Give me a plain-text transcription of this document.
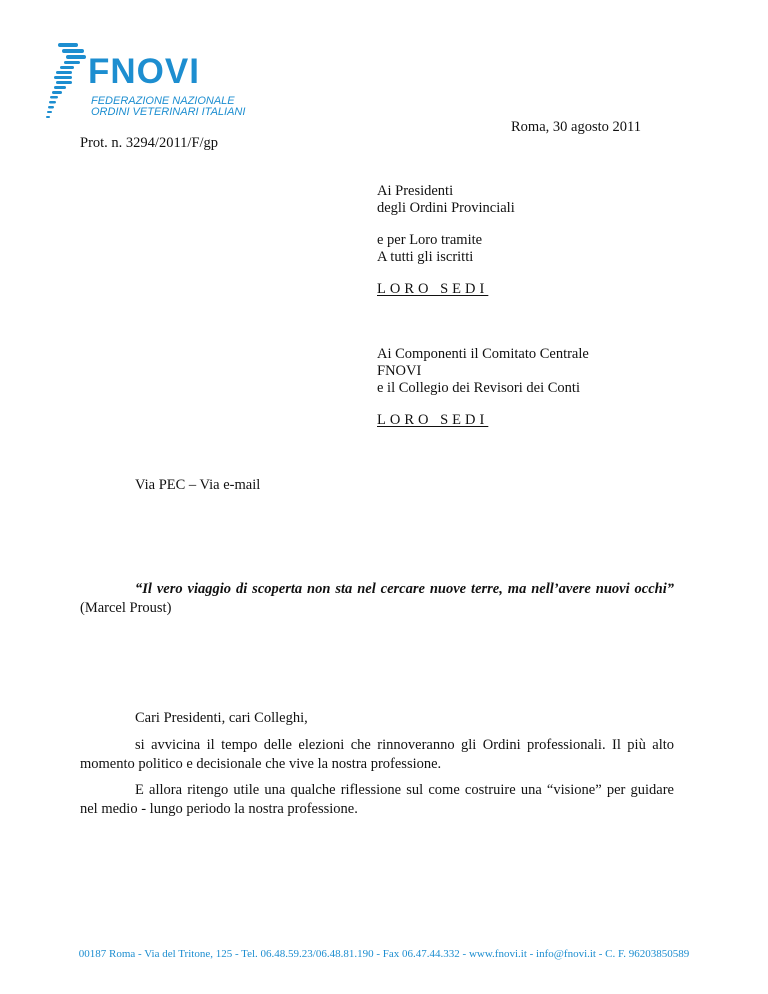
FNOVI
FEDERAZIONE NAZIONALE
ORDINI VETERINARI ITALIANI
Roma, 30 agosto 2011
Prot. n. 3294/2011/F/gp
Ai Presidenti
degli Ordini Provinciali
e per Loro tramite
A tutti gli iscritti
LORO SEDI
Ai Componenti il Comitato Centrale
FNOVI
e il Collegio dei Revisori dei Conti
LORO SEDI
Via PEC – Via e-mail
“Il vero viaggio di scoperta non sta nel cercare nuove terre, ma nell’avere nuovi occhi” (Marcel Proust)
Cari Presidenti, cari Colleghi,
si avvicina il tempo delle elezioni che rinnoveranno gli Ordini professionali. Il più alto momento politico e decisionale che vive la nostra professione.
E allora ritengo utile una qualche riflessione sul come costruire una “visione” per guidare nel medio - lungo periodo la nostra professione.
00187 Roma - Via del Tritone, 125 - Tel. 06.48.59.23/06.48.81.190 - Fax 06.47.44.332 - www.fnovi.it - info@fnovi.it - C. F. 96203850589
